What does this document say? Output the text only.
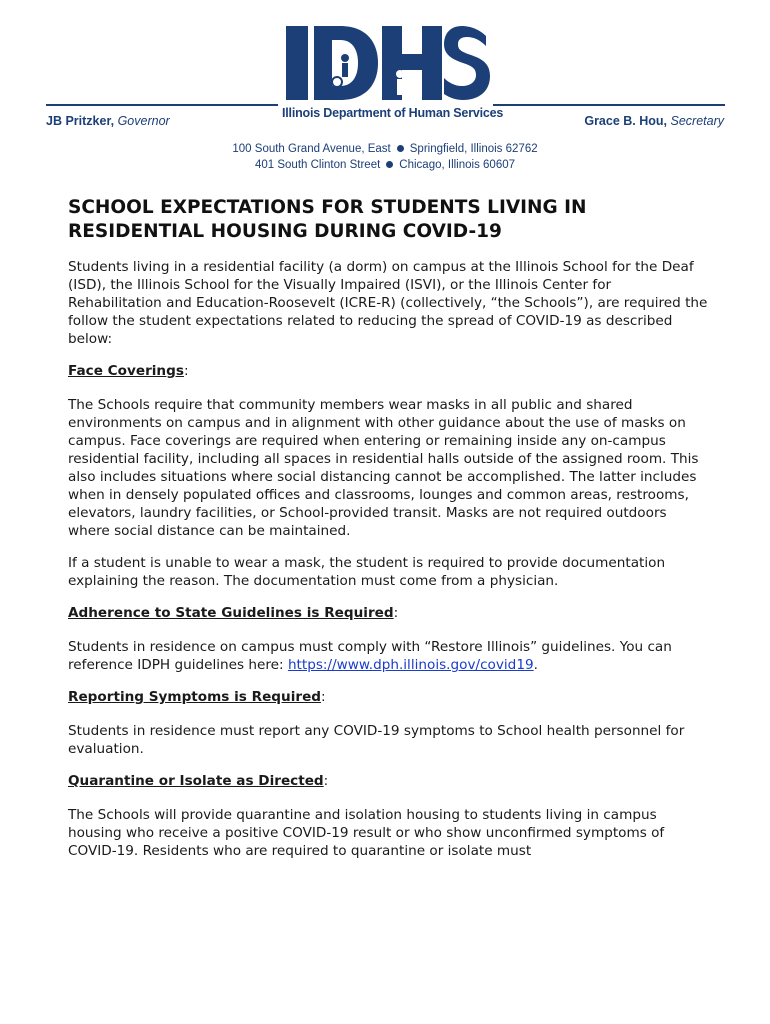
Illinois Department of Human Services
JB Pritzker, Governor	Grace B. Hou, Secretary
100 South Grand Avenue, East Springfield, Illinois 62762
401 South Clinton Street Chicago, Illinois 60607
SCHOOL EXPECTATIONS FOR STUDENTS LIVING IN RESIDENTIAL HOUSING DURING COVID-19

Students living in a residential facility (a dorm) on campus at the Illinois School for the Deaf (ISD), the Illinois School for the Visually Impaired (ISVI), or the Illinois Center for Rehabilitation and Education-Roosevelt (ICRE-R) (collectively, “the Schools”), are required the follow the student expectations related to reducing the spread of COVID-19 as described below:

Face Coverings:

The Schools require that community members wear masks in all public and shared environments on campus and in alignment with other guidance about the use of masks on campus. Face coverings are required when entering or remaining inside any on-campus residential facility, including all spaces in residential halls outside of the assigned room. This also includes situations where social distancing cannot be accomplished. The latter includes when in densely populated offices and classrooms, lounges and common areas, restrooms, elevators, laundry facilities, or School-provided transit. Masks are not required outdoors where social distance can be maintained.

If a student is unable to wear a mask, the student is required to provide documentation explaining the reason. The documentation must come from a physician.

Adherence to State Guidelines is Required:

Students in residence on campus must comply with “Restore Illinois” guidelines. You can reference IDPH guidelines here: https://www.dph.illinois.gov/covid19.

Reporting Symptoms is Required:

Students in residence must report any COVID-19 symptoms to School health personnel for evaluation.

Quarantine or Isolate as Directed:

The Schools will provide quarantine and isolation housing to students living in campus housing who receive a positive COVID-19 result or who show unconfirmed symptoms of COVID-19. Residents who are required to quarantine or isolate must
